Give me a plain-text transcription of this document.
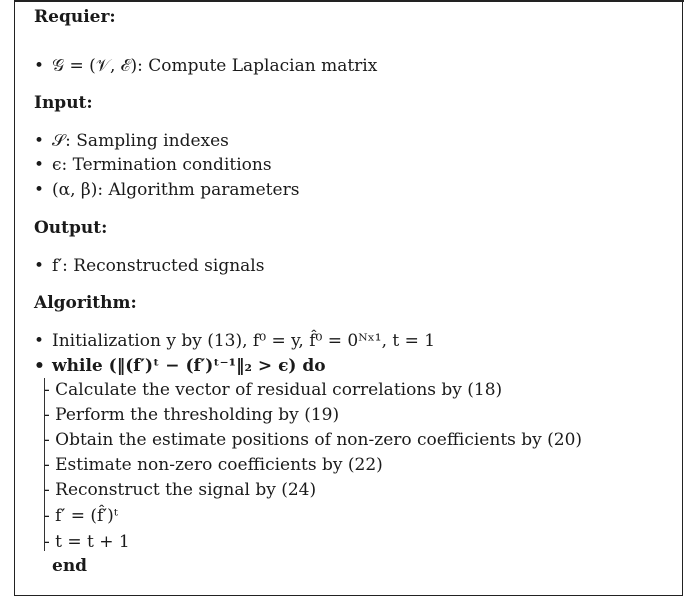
Requier:
• 𝒢 = (𝒱, ℰ): Compute Laplacian matrix
Input:
• 𝒮: Sampling indexes
• ϵ: Termination conditions
• (α, β): Algorithm parameters
Output:
• f′: Reconstructed signals
Algorithm:
• Initialization y by (13), f⁰ = y, f̂⁰ = 0ᴺˣ¹, t = 1
• while (‖(f′)ᵗ − (f′)ᵗ⁻¹‖₂ > ϵ) do
- Calculate the vector of residual correlations by (18)
- Perform the thresholding by (19)
- Obtain the estimate positions of non-zero coefficients by (20)
- Estimate non-zero coefficients by (22)
- Reconstruct the signal by (24)
- f′ = (f̂′)ᵗ
- t = t + 1
end
